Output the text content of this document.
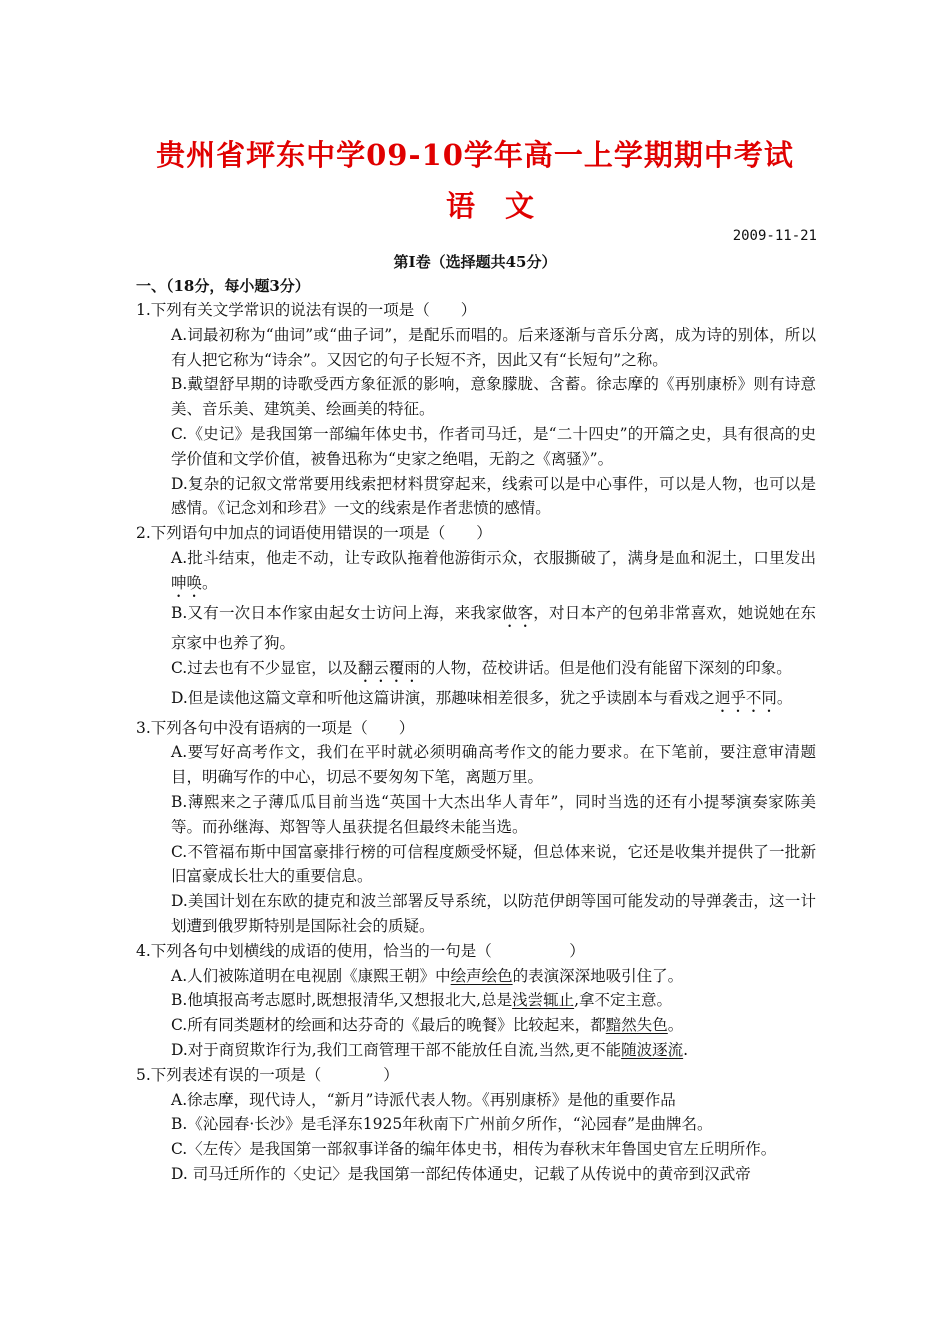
贵州省坪东中学09-10学年高一上学期期中考试
语文
2009-11-21
第Ⅰ卷（选择题共45分）
一、（18分，每小题3分）

1.下列有关文学常识的说法有误的一项是（　　）

A.词最初称为“曲词”或“曲子词”，是配乐而唱的。后来逐渐与音乐分离，成为诗的别体，所以有人把它称为“诗余”。又因它的句子长短不齐，因此又有“长短句”之称。

B.戴望舒早期的诗歌受西方象征派的影响，意象朦胧、含蓄。徐志摩的《再别康桥》则有诗意美、音乐美、建筑美、绘画美的特征。

C.《史记》是我国第一部编年体史书，作者司马迁，是“二十四史”的开篇之史，具有很高的史学价值和文学价值，被鲁迅称为“史家之绝唱，无韵之《离骚》”。

D.复杂的记叙文常常要用线索把材料贯穿起来，线索可以是中心事件，可以是人物，也可以是感情。《记念刘和珍君》一文的线索是作者悲愤的感情。

2.下列语句中加点的词语使用错误的一项是（　　）

A.批斗结束，他走不动，让专政队拖着他游街示众，衣服撕破了，满身是血和泥土，口里发出呻唤。

B.又有一次日本作家由起女士访问上海，来我家做客，对日本产的包弟非常喜欢，她说她在东京家中也养了狗。

C.过去也有不少显宦，以及翻云覆雨的人物，莅校讲话。但是他们没有能留下深刻的印象。

D.但是读他这篇文章和听他这篇讲演，那趣味相差很多，犹之乎读剧本与看戏之迥乎不同。

3.下列各句中没有语病的一项是（　　）

A.要写好高考作文，我们在平时就必须明确高考作文的能力要求。在下笔前，要注意审清题目，明确写作的中心，切忌不要匆匆下笔，离题万里。

B.薄熙来之子薄瓜瓜目前当选“英国十大杰出华人青年”，同时当选的还有小提琴演奏家陈美等。而孙继海、郑智等人虽获提名但最终未能当选。

C.不管福布斯中国富豪排行榜的可信程度颇受怀疑，但总体来说，它还是收集并提供了一批新旧富豪成长壮大的重要信息。

D.美国计划在东欧的捷克和波兰部署反导系统，以防范伊朗等国可能发动的导弹袭击，这一计划遭到俄罗斯特别是国际社会的质疑。

4.下列各句中划横线的成语的使用，恰当的一句是（　　　　　）

A.人们被陈道明在电视剧《康熙王朝》中绘声绘色的表演深深地吸引住了。

B.他填报高考志愿时,既想报清华,又想报北大,总是浅尝辄止,拿不定主意。

C.所有同类题材的绘画和达芬奇的《最后的晚餐》比较起来，都黯然失色。

D.对于商贸欺诈行为,我们工商管理干部不能放任自流,当然,更不能随波逐流.

5.下列表述有误的一项是（　　　　）

A.徐志摩，现代诗人，“新月”诗派代表人物。《再别康桥》是他的重要作品

B.《沁园春·长沙》是毛泽东1925年秋南下广州前夕所作，“沁园春”是曲牌名。

C.〈左传〉是我国第一部叙事详备的编年体史书，相传为春秋末年鲁国史官左丘明所作。

D. 司马迁所作的〈史记〉是我国第一部纪传体通史，记载了从传说中的黄帝到汉武帝
